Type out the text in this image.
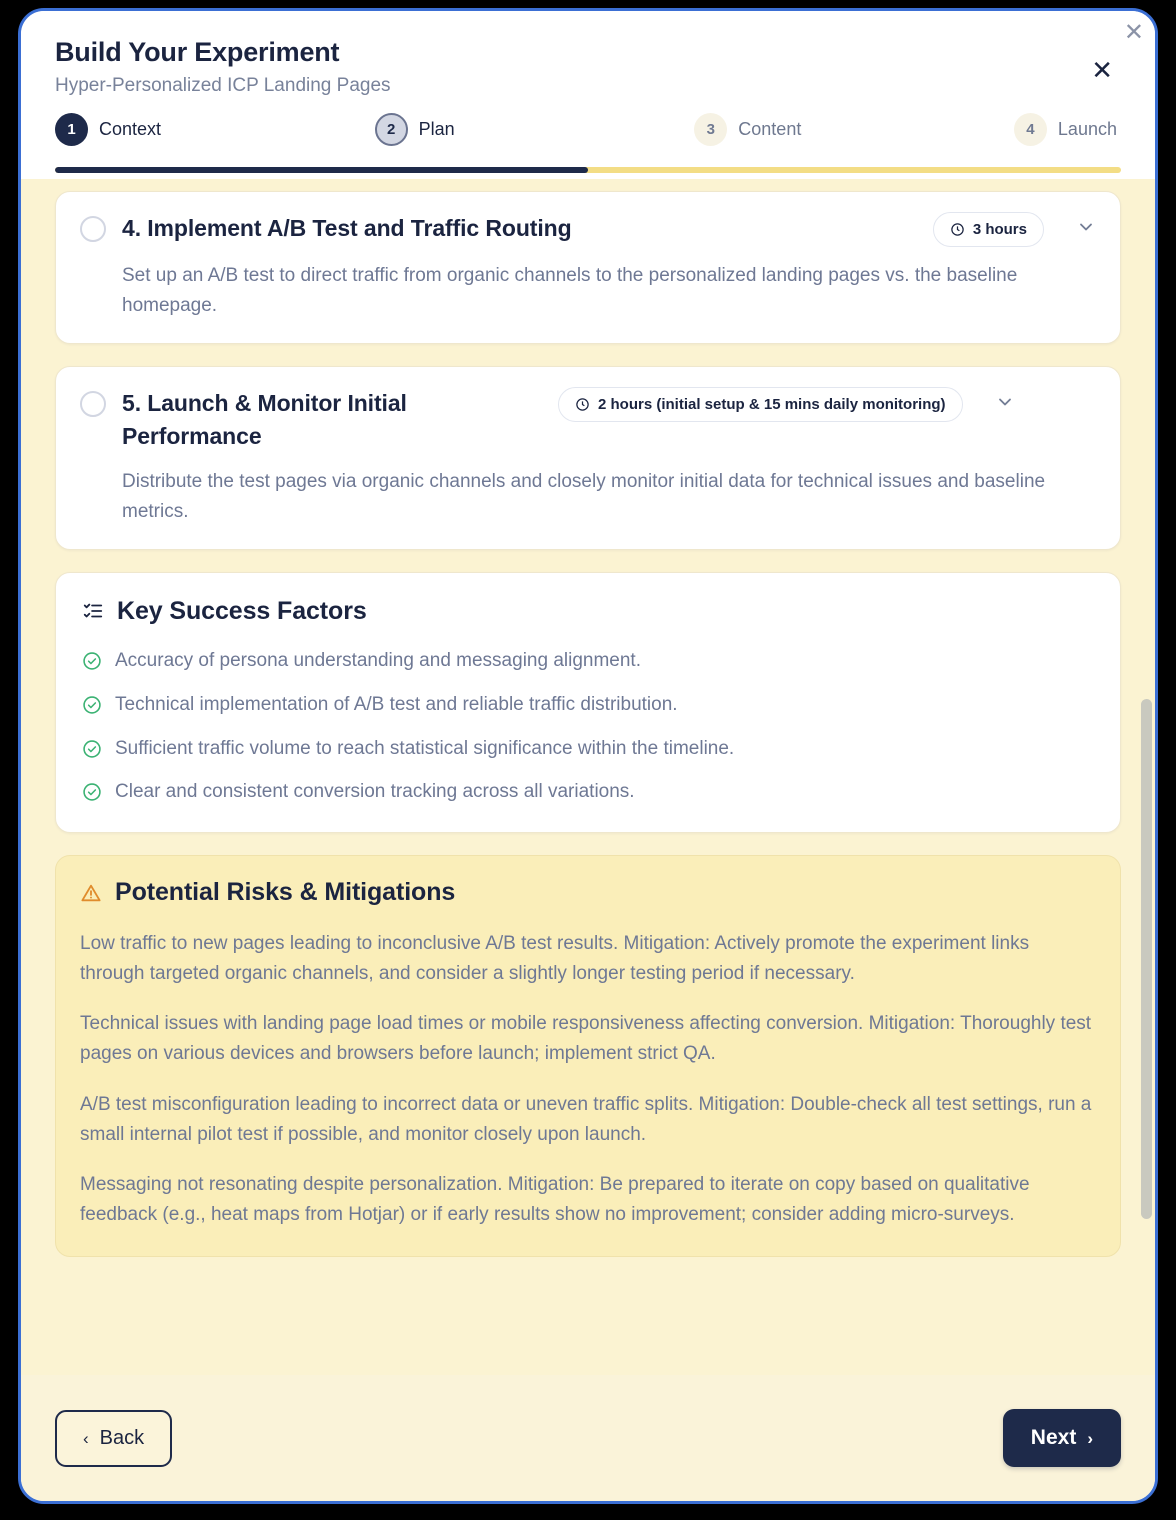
Build Your Experiment
Hyper-Personalized ICP Landing Pages
✕
✕
1	Context	2	Plan	3	Content	4	Launch
4. Implement A/B Test and Traffic Routing	3 hours
Set up an A/B test to direct traffic from organic channels to the personalized landing pages vs. the baseline homepage.
5. Launch & Monitor Initial Performance
2 hours (initial setup & 15 mins daily monitoring)
Distribute the test pages via organic channels and closely monitor initial data for technical issues and baseline metrics.
Key Success Factors
Accuracy of persona understanding and messaging alignment.
Technical implementation of A/B test and reliable traffic distribution.
Sufficient traffic volume to reach statistical significance within the timeline.
Clear and consistent conversion tracking across all variations.
Potential Risks & Mitigations

Low traffic to new pages leading to inconclusive A/B test results. Mitigation: Actively promote the experiment links through targeted organic channels, and consider a slightly longer testing period if necessary.

Technical issues with landing page load times or mobile responsiveness affecting conversion. Mitigation: Thoroughly test pages on various devices and browsers before launch; implement strict QA.

A/B test misconfiguration leading to incorrect data or uneven traffic splits. Mitigation: Double-check all test settings, run a small internal pilot test if possible, and monitor closely upon launch.

Messaging not resonating despite personalization. Mitigation: Be prepared to iterate on copy based on qualitative feedback (e.g., heat maps from Hotjar) or if early results show no improvement; consider adding micro-surveys.

‹ Back	Next ›
